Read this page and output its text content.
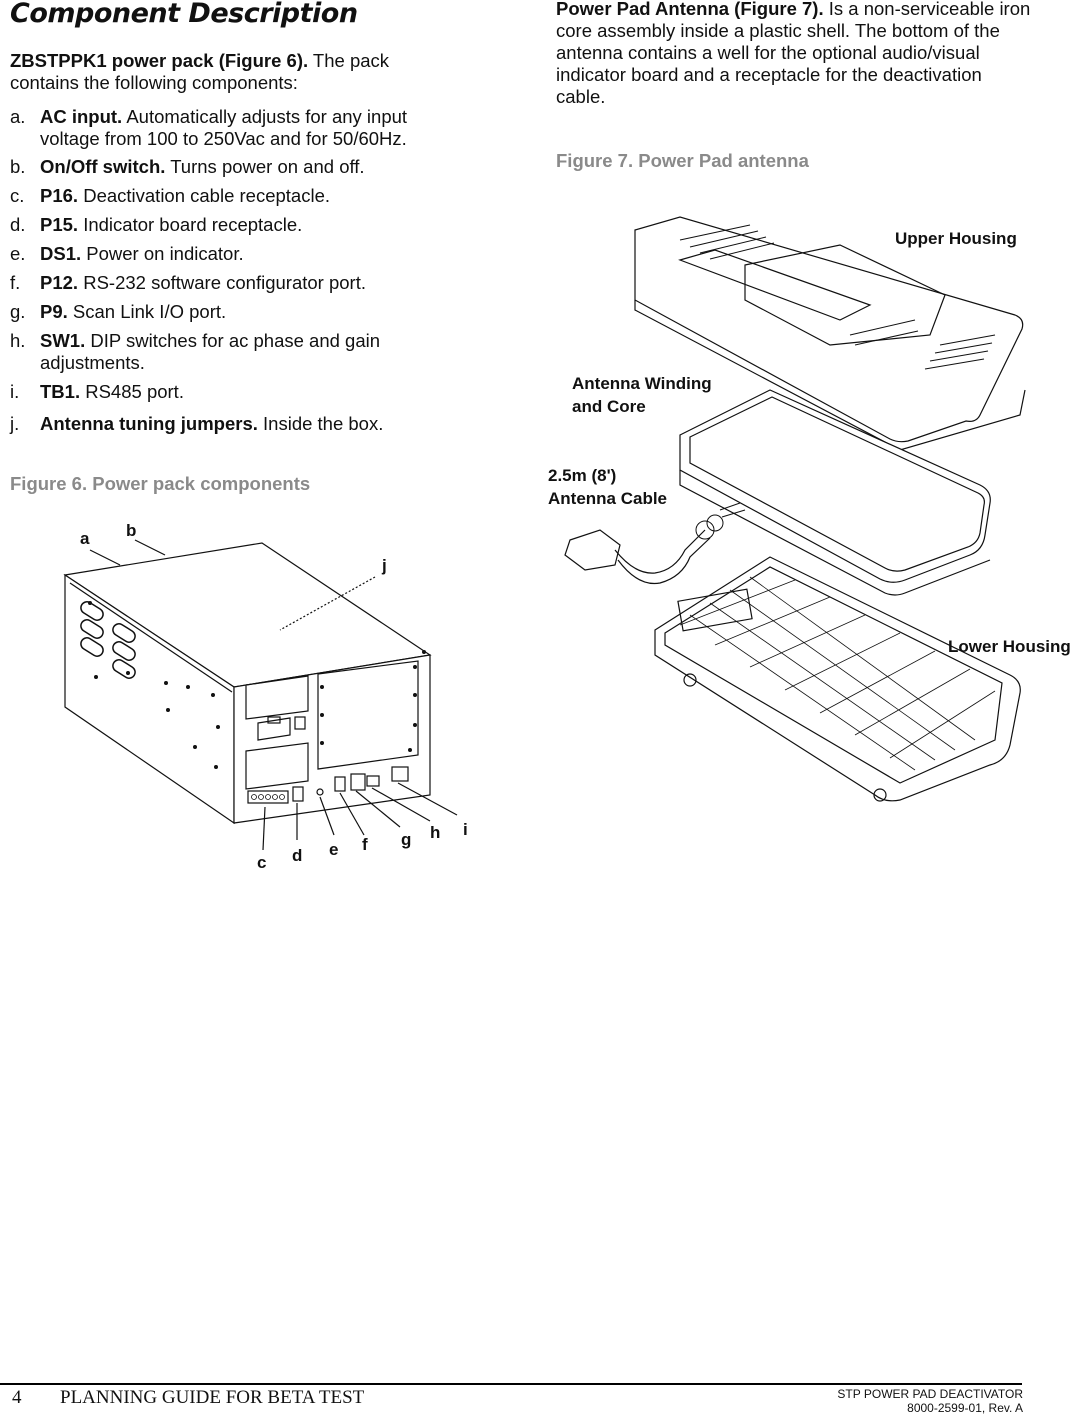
Component Description
ZBSTPPK1 power pack (Figure 6). The pack contains the following components:
a. AC input. Automatically adjusts for any input voltage from 100 to 250Vac and for 50/60Hz.
b. On/Off switch. Turns power on and off.
c. P16. Deactivation cable receptacle.
d. P15. Indicator board receptacle.
e. DS1. Power on indicator.
f. P12. RS-232 software configurator port.
g. P9. Scan Link I/O port.
h. SW1. DIP switches for ac phase and gain adjustments.
i. TB1. RS485 port.
j. Antenna tuning jumpers. Inside the box.
Figure 6. Power pack components
a b
j
c d e f g h i
Power Pad Antenna (Figure 7). Is a non-serviceable iron core assembly inside a plastic shell. The bottom of the antenna contains a well for the optional audio/visual indicator board and a receptacle for the deactivation cable.
Figure 7. Power Pad antenna
Upper Housing
Antenna Winding
and Core
2.5m (8')
Antenna Cable
Lower Housing
4 PLANNING GUIDE FOR BETA TEST	STP POWER PAD DEACTIVATOR
8000-2599-01, Rev. A
